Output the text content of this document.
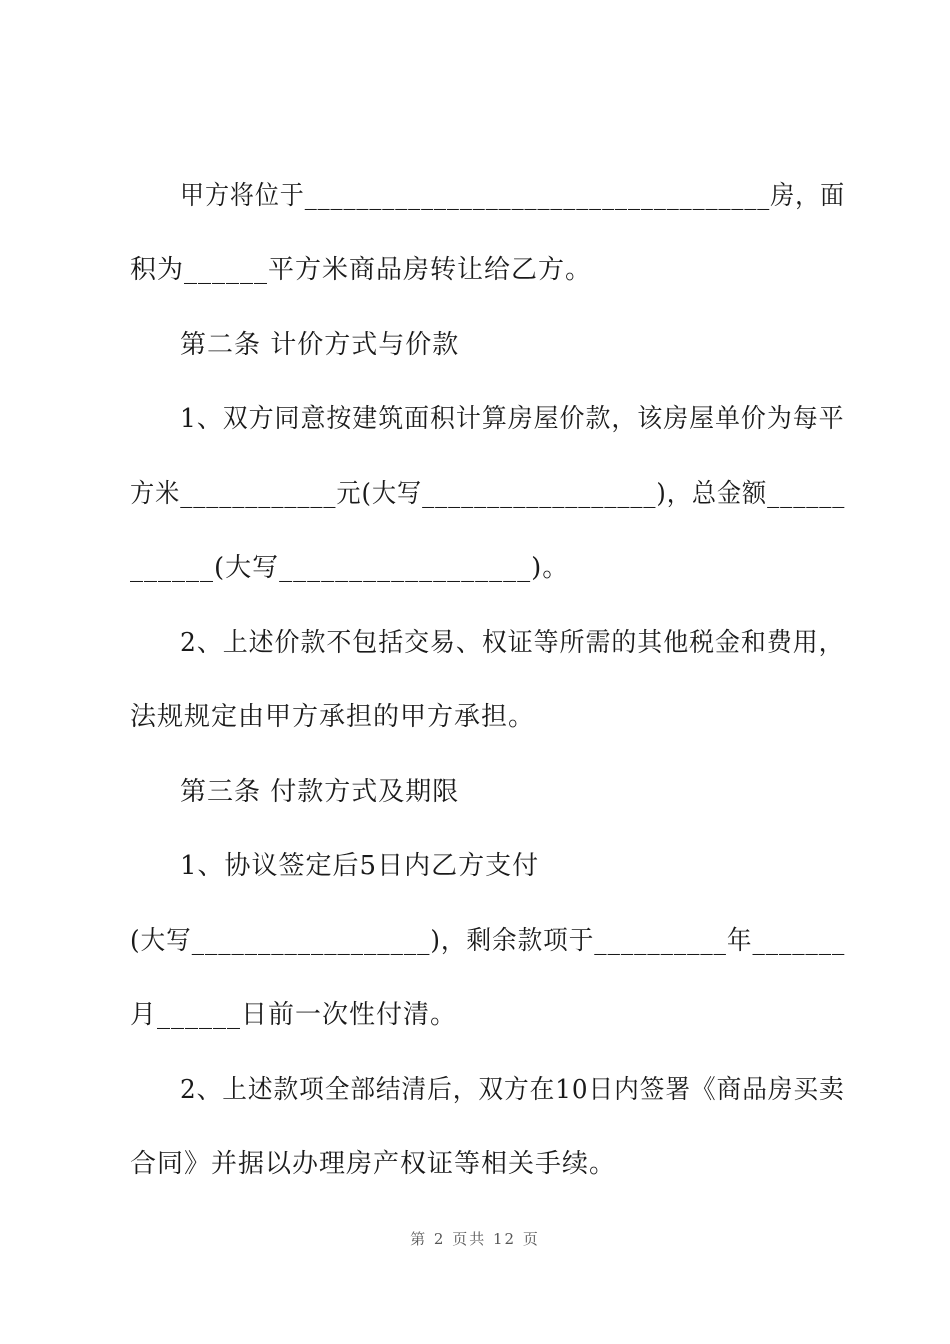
甲方将位于____________________________________房，面
积为______平方米商品房转让给乙方。
第二条 计价方式与价款
1、双方同意按建筑面积计算房屋价款，该房屋单价为每平
方米____________元(大写__________________)，总金额______
______(大写__________________)。
2、上述价款不包括交易、权证等所需的其他税金和费用，
法规规定由甲方承担的甲方承担。
第三条 付款方式及期限
1、协议签定后5日内乙方支付
(大写__________________)，剩余款项于__________年_______
月______日前一次性付清。
2、上述款项全部结清后，双方在10日内签署《商品房买卖
合同》并据以办理房产权证等相关手续。
第 2 页共 12 页
